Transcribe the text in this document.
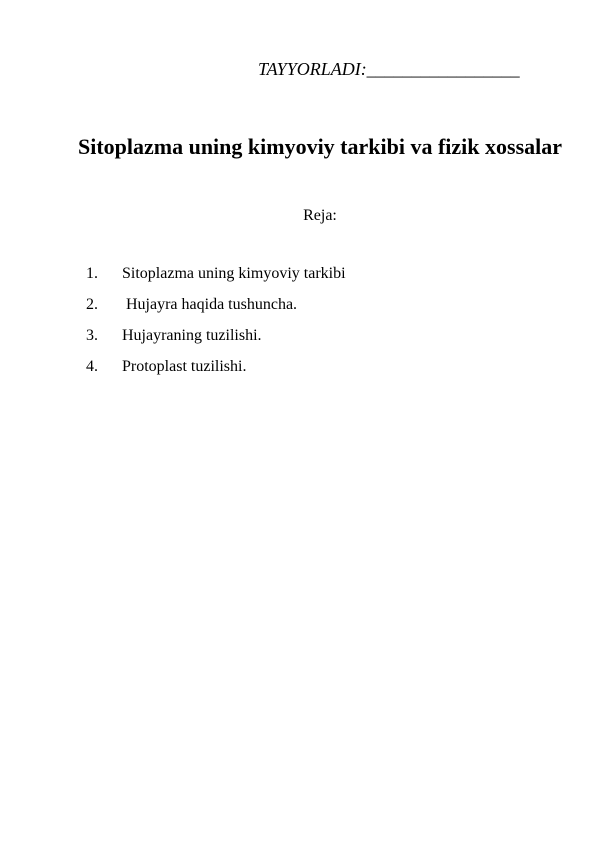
TAYYORLADI:_________________
Sitoplazma uning kimyoviy tarkibi va fizik xossalar
Reja:
1.	Sitoplazma uning kimyoviy tarkibi
2.	Hujayra haqida tushuncha.
3.	Hujayraning tuzilishi.
4.	Protoplast tuzilishi.
